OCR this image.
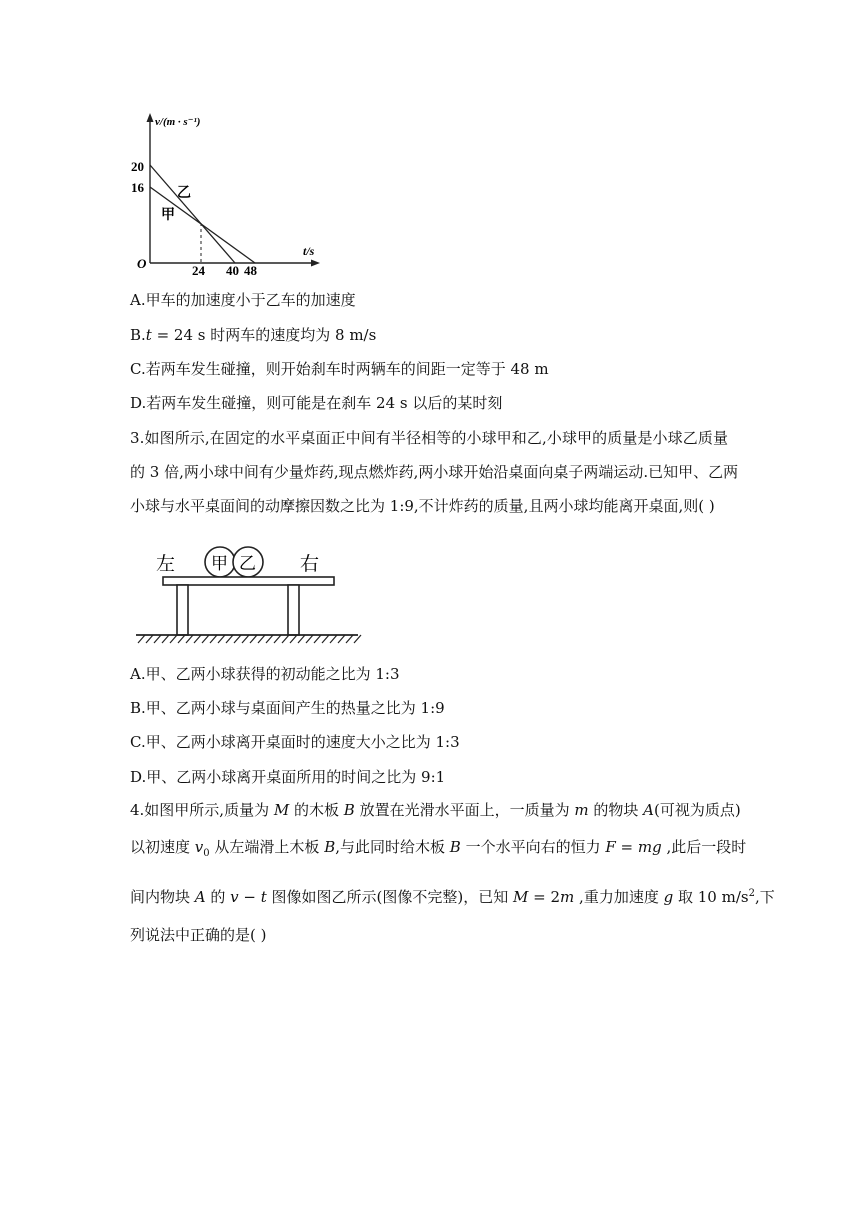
v/(m · s⁻¹)
t/s
O
20
16
24 40 48
乙
甲
A.甲车的加速度小于乙车的加速度
B.t = 24 s 时两车的速度均为 8 m/s
C.若两车发生碰撞，则开始刹车时两辆车的间距一定等于 48 m
D.若两车发生碰撞，则可能是在刹车 24 s 以后的某时刻
3.如图所示,在固定的水平桌面正中间有半径相等的小球甲和乙,小球甲的质量是小球乙质量
的 3 倍,两小球中间有少量炸药,现点燃炸药,两小球开始沿桌面向桌子两端运动.已知甲、乙两
小球与水平桌面间的动摩擦因数之比为 1:9,不计炸药的质量,且两小球均能离开桌面,则( )
左	右
甲 乙
A.甲、乙两小球获得的初动能之比为 1:3
B.甲、乙两小球与桌面间产生的热量之比为 1:9
C.甲、乙两小球离开桌面时的速度大小之比为 1:3
D.甲、乙两小球离开桌面所用的时间之比为 9:1
4.如图甲所示,质量为 M 的木板 B 放置在光滑水平面上，一质量为 m 的物块 A(可视为质点)
以初速度 $v_0$ 从左端滑上木板 B,与此同时给木板 B 一个水平向右的恒力 F = mg ,此后一段时
间内物块 A 的 v − t 图像如图乙所示(图像不完整)，已知 M = 2m ,重力加速度 g 取 10 $m/s^2$,下
列说法中正确的是( )
